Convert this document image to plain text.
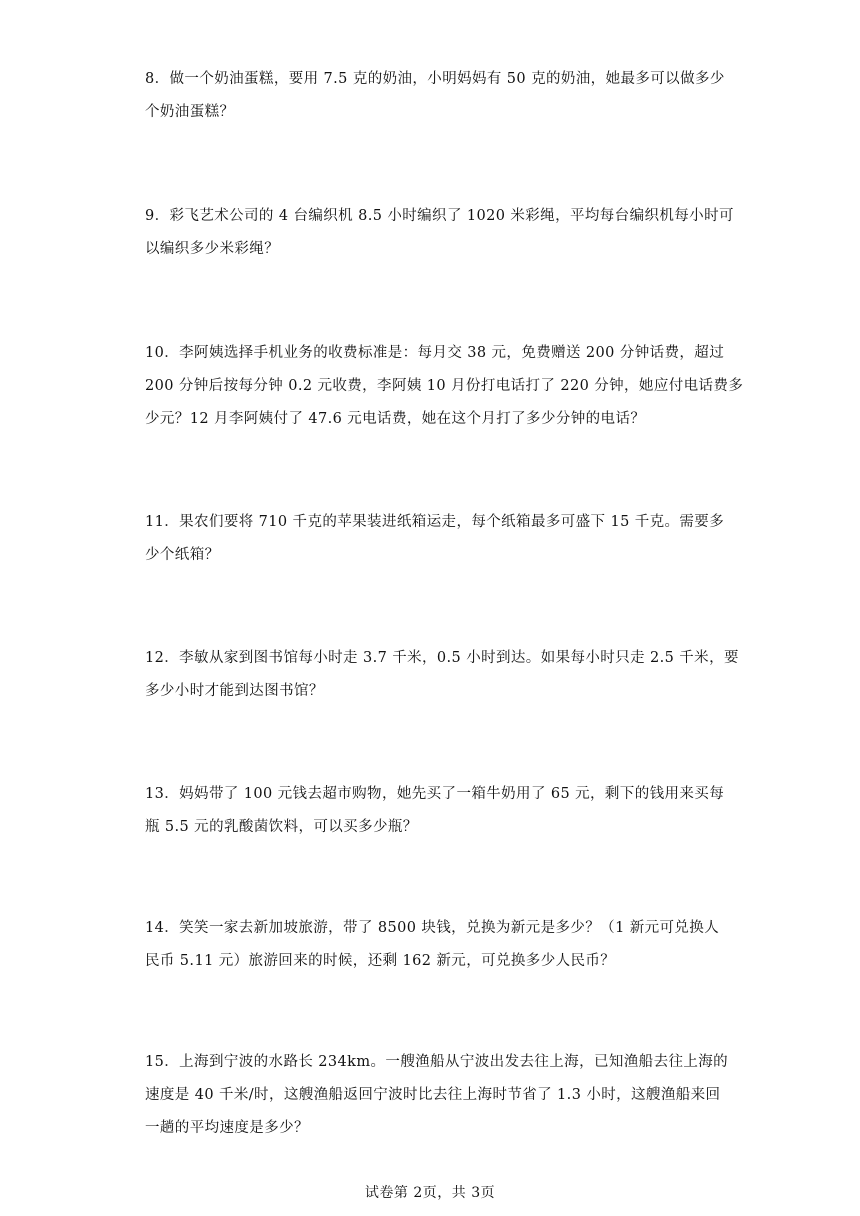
8．做一个奶油蛋糕，要用 7.5 克的奶油，小明妈妈有 50 克的奶油，她最多可以做多少

个奶油蛋糕？

9．彩飞艺术公司的 4 台编织机 8.5 小时编织了 1020 米彩绳，平均每台编织机每小时可

以编织多少米彩绳？

10．李阿姨选择手机业务的收费标准是：每月交 38 元，免费赠送 200 分钟话费，超过

200 分钟后按每分钟 0.2 元收费，李阿姨 10 月份打电话打了 220 分钟，她应付电话费多

少元？12 月李阿姨付了 47.6 元电话费，她在这个月打了多少分钟的电话？

11．果农们要将 710 千克的苹果装进纸箱运走，每个纸箱最多可盛下 15 千克。需要多

少个纸箱？

12．李敏从家到图书馆每小时走 3.7 千米，0.5 小时到达。如果每小时只走 2.5 千米，要

多少小时才能到达图书馆？

13．妈妈带了 100 元钱去超市购物，她先买了一箱牛奶用了 65 元，剩下的钱用来买每

瓶 5.5 元的乳酸菌饮料，可以买多少瓶？

14．笑笑一家去新加坡旅游，带了 8500 块钱，兑换为新元是多少？（1 新元可兑换人

民币 5.11 元）旅游回来的时候，还剩 162 新元，可兑换多少人民币？

15．上海到宁波的水路长 234km。一艘渔船从宁波出发去往上海，已知渔船去往上海的

速度是 40 千米/时，这艘渔船返回宁波时比去往上海时节省了 1.3 小时，这艘渔船来回

一趟的平均速度是多少？

试卷第 2页，共 3页
